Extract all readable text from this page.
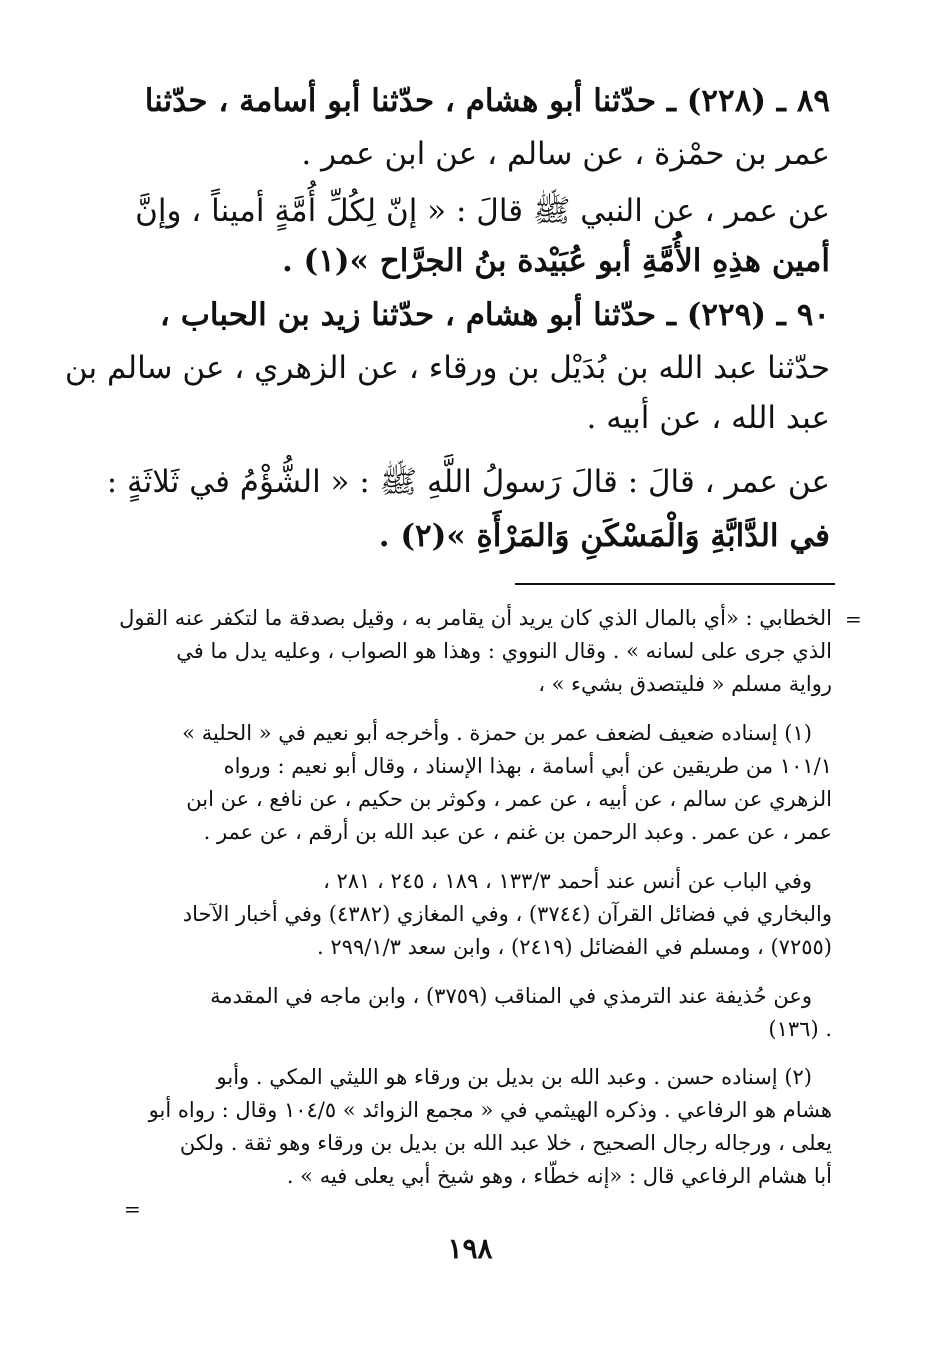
٨٩ ـ (٢٢٨) ـ حدّثنا أبو هشام ، حدّثنا أبو أسامة ، حدّثنا
عمر بن حمْزة ، عن سالم ، عن ابن عمر .
عن عمر ، عن النبي ﷺ قالَ : « إنّ لِكُلِّ أُمَّةٍ أميناً ، وإنَّ
أمين هذِهِ الأُمَّةِ أبو عُبَيْدة بنُ الجرَّاح »(١) .
٩٠ ـ (٢٢٩) ـ حدّثنا أبو هشام ، حدّثنا زيد بن الحباب ،
حدّثنا عبد الله بن بُدَيْل بن ورقاء ، عن الزهري ، عن سالم بن
عبد الله ، عن أبيه .
عن عمر ، قالَ : قالَ رَسولُ اللَّهِ ﷺ : « الشُّؤْمُ في ثَلاثَةٍ :
في الدَّابَّةِ وَالْمَسْكَنِ وَالمَرْأَةِ »(٢) .
=
الخطابي : «أي بالمال الذي كان يريد أن يقامر به ، وقيل بصدقة ما لتكفر عنه القول
الذي جرى على لسانه » . وقال النووي : وهذا هو الصواب ، وعليه يدل ما في
رواية مسلم « فليتصدق بشيء » ،
(١) إسناده ضعيف لضعف عمر بن حمزة . وأخرجه أبو نعيم في « الحلية »
١٠١/١ من طريقين عن أبي أسامة ، بهذا الإسناد ، وقال أبو نعيم : ورواه
الزهري عن سالم ، عن أبيه ، عن عمر ، وكوثر بن حكيم ، عن نافع ، عن ابن
عمر ، عن عمر . وعبد الرحمن بن غنم ، عن عبد الله بن أرقم ، عن عمر .
وفي الباب عن أنس عند أحمد ١٣٣/٣ ، ١٨٩ ، ٢٤٥ ، ٢٨١ ،
والبخاري في فضائل القرآن (٣٧٤٤) ، وفي المغازي (٤٣٨٢) وفي أخبار الآحاد
(٧٢٥٥) ، ومسلم في الفضائل (٢٤١٩) ، وابن سعد ٢٩٩/١/٣ .
وعن حُذيفة عند الترمذي في المناقب (٣٧٥٩) ، وابن ماجه في المقدمة
(١٣٦) .
(٢) إسناده حسن . وعبد الله بن بديل بن ورقاء هو الليثي المكي . وأبو
هشام هو الرفاعي . وذكره الهيثمي في « مجمع الزوائد » ١٠٤/٥ وقال : رواه أبو
يعلى ، ورجاله رجال الصحيح ، خلا عبد الله بن بديل بن ورقاء وهو ثقة . ولكن
أبا هشام الرفاعي قال : «إنه خطّاء ، وهو شيخ أبي يعلى فيه » .
=
١٩٨
